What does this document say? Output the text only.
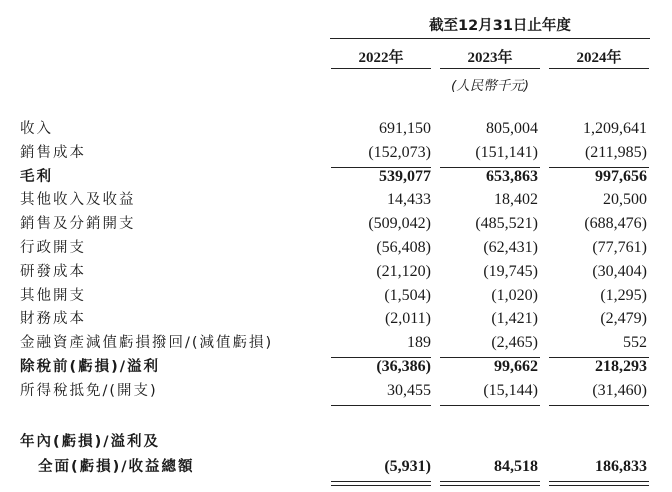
截至12月31日止年度
2022年	2023年	2024年
(人民幣千元)
收入	691,150	805,004	1,209,641
銷售成本	(152,073)	(151,141)	(211,985)
毛利	539,077	653,863	997,656
其他收入及收益	14,433	18,402	20,500
銷售及分銷開支	(509,042)	(485,521)	(688,476)
行政開支	(56,408)	(62,431)	(77,761)
研發成本	(21,120)	(19,745)	(30,404)
其他開支	(1,504)	(1,020)	(1,295)
財務成本	(2,011)	(1,421)	(2,479)
金融資產減值虧損撥回/(減值虧損)	189	(2,465)	552
除稅前(虧損)/溢利	(36,386)	99,662	218,293
所得稅抵免/(開支)	30,455	(15,144)	(31,460)
年內(虧損)/溢利及
全面(虧損)/收益總額	(5,931)	84,518	186,833
